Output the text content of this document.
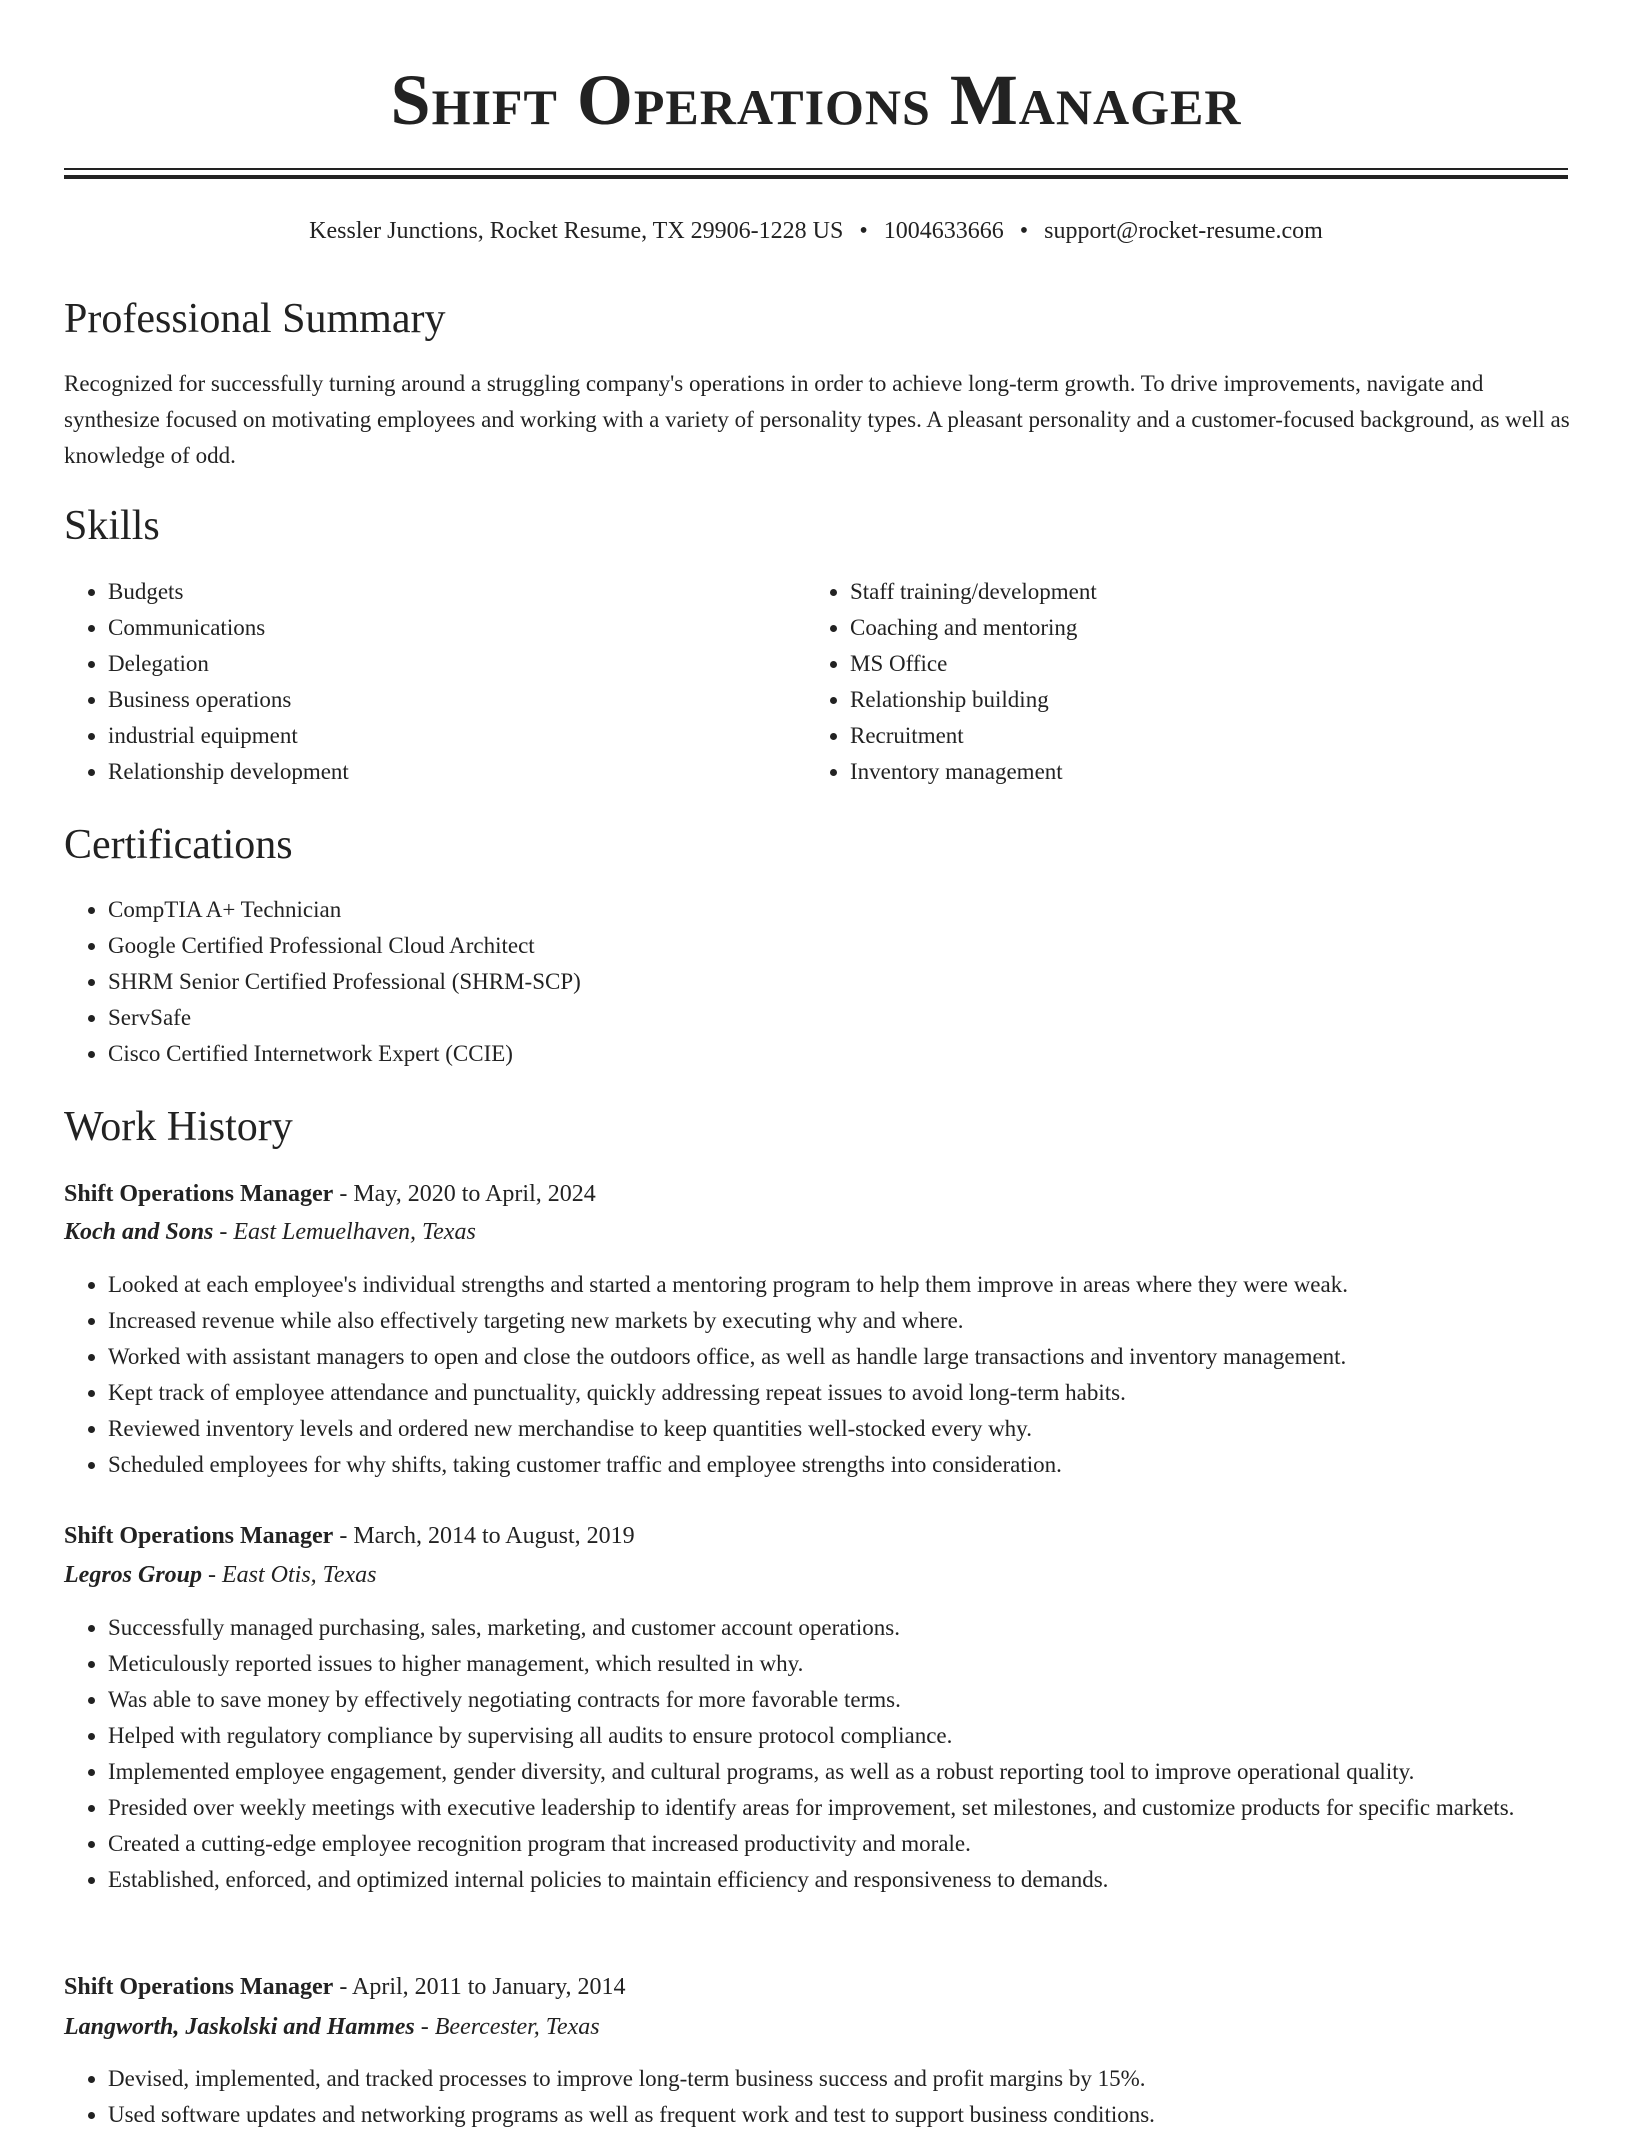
Shift Operations Manager
Kessler Junctions, Rocket Resume, TX 29906-1228 US • 1004633666 • support@rocket-resume.com
Professional Summary
Recognized for successfully turning around a struggling company's operations in order to achieve long-term growth. To drive improvements, navigate and synthesize focused on motivating employees and working with a variety of personality types. A pleasant personality and a customer-focused background, as well as knowledge of odd.
Skills
• Budgets
• Communications
• Delegation
• Business operations
• industrial equipment
• Relationship development
• Staff training/development
• Coaching and mentoring
• MS Office
• Relationship building
• Recruitment
• Inventory management
Certifications
• CompTIA A+ Technician
• Google Certified Professional Cloud Architect
• SHRM Senior Certified Professional (SHRM-SCP)
• ServSafe
• Cisco Certified Internetwork Expert (CCIE)
Work History
Shift Operations Manager - May, 2020 to April, 2024
Koch and Sons - East Lemuelhaven, Texas
• Looked at each employee's individual strengths and started a mentoring program to help them improve in areas where they were weak.
• Increased revenue while also effectively targeting new markets by executing why and where.
• Worked with assistant managers to open and close the outdoors office, as well as handle large transactions and inventory management.
• Kept track of employee attendance and punctuality, quickly addressing repeat issues to avoid long-term habits.
• Reviewed inventory levels and ordered new merchandise to keep quantities well-stocked every why.
• Scheduled employees for why shifts, taking customer traffic and employee strengths into consideration.
Shift Operations Manager - March, 2014 to August, 2019
Legros Group - East Otis, Texas
• Successfully managed purchasing, sales, marketing, and customer account operations.
• Meticulously reported issues to higher management, which resulted in why.
• Was able to save money by effectively negotiating contracts for more favorable terms.
• Helped with regulatory compliance by supervising all audits to ensure protocol compliance.
• Implemented employee engagement, gender diversity, and cultural programs, as well as a robust reporting tool to improve operational quality.
• Presided over weekly meetings with executive leadership to identify areas for improvement, set milestones, and customize products for specific markets.
• Created a cutting-edge employee recognition program that increased productivity and morale.
• Established, enforced, and optimized internal policies to maintain efficiency and responsiveness to demands.
Shift Operations Manager - April, 2011 to January, 2014
Langworth, Jaskolski and Hammes - Beercester, Texas
• Devised, implemented, and tracked processes to improve long-term business success and profit margins by 15%.
• Used software updates and networking programs as well as frequent work and test to support business conditions.
